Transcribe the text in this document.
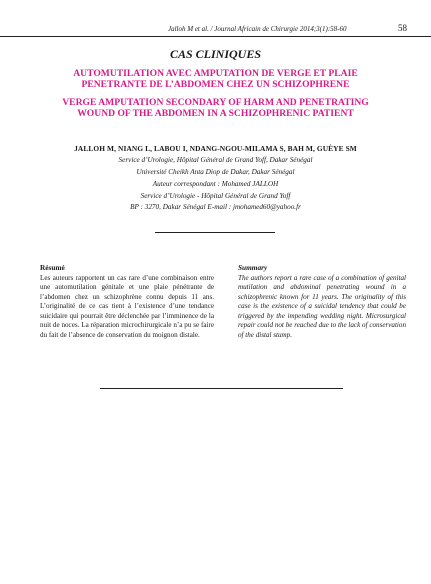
Jalloh M et al. / Journal Africain de Chirurgie 2014;3(1):58-60	58
CAS CLINIQUES
AUTOMUTILATION AVEC AMPUTATION DE VERGE ET PLAIE
PENETRANTE DE L’ABDOMEN CHEZ UN SCHIZOPHRENE
VERGE AMPUTATION SECONDARY OF HARM AND PENETRATING
WOUND OF THE ABDOMEN IN A SCHIZOPHRENIC PATIENT
JALLOH M, NIANG L, LABOU I, NDANG-NGOU-MILAMA S, BAH M, GUÈYE SM
Service d’Urologie, Hôpital Général de Grand Yoff, Dakar Sénégal
Université Cheikh Anta Diop de Dakar, Dakar Sénégal
Auteur correspondant : Mohamed JALLOH
Service d’Urologie - Hôpital Général de Grand Yoff
BP : 3270, Dakar Sénégal E-mail : jmohamed60@yahoo.fr
Résumé
Les auteurs rapportent un cas rare d’une combinaison entre une automutilation génitale et une plaie pénétrante de l’abdomen chez un schizophrène connu depuis 11 ans. L’originalité de ce cas tient à l’existence d’une tendance suicidaire qui pourrait être déclenchée par l’imminence de la nuit de noces. La réparation microchirurgicale n’a pu se faire du fait de l’absence de conservation du moignon distale.
Summary
The authors report a rare case of a combination of genital mutilation and abdominal penetrating wound in a schizophrenic known for 11 years. The originality of this case is the existence of a suicidal tendency that could be triggered by the impending wedding night. Microsurgical repair could not be reached due to the lack of conservation of the distal stump.
